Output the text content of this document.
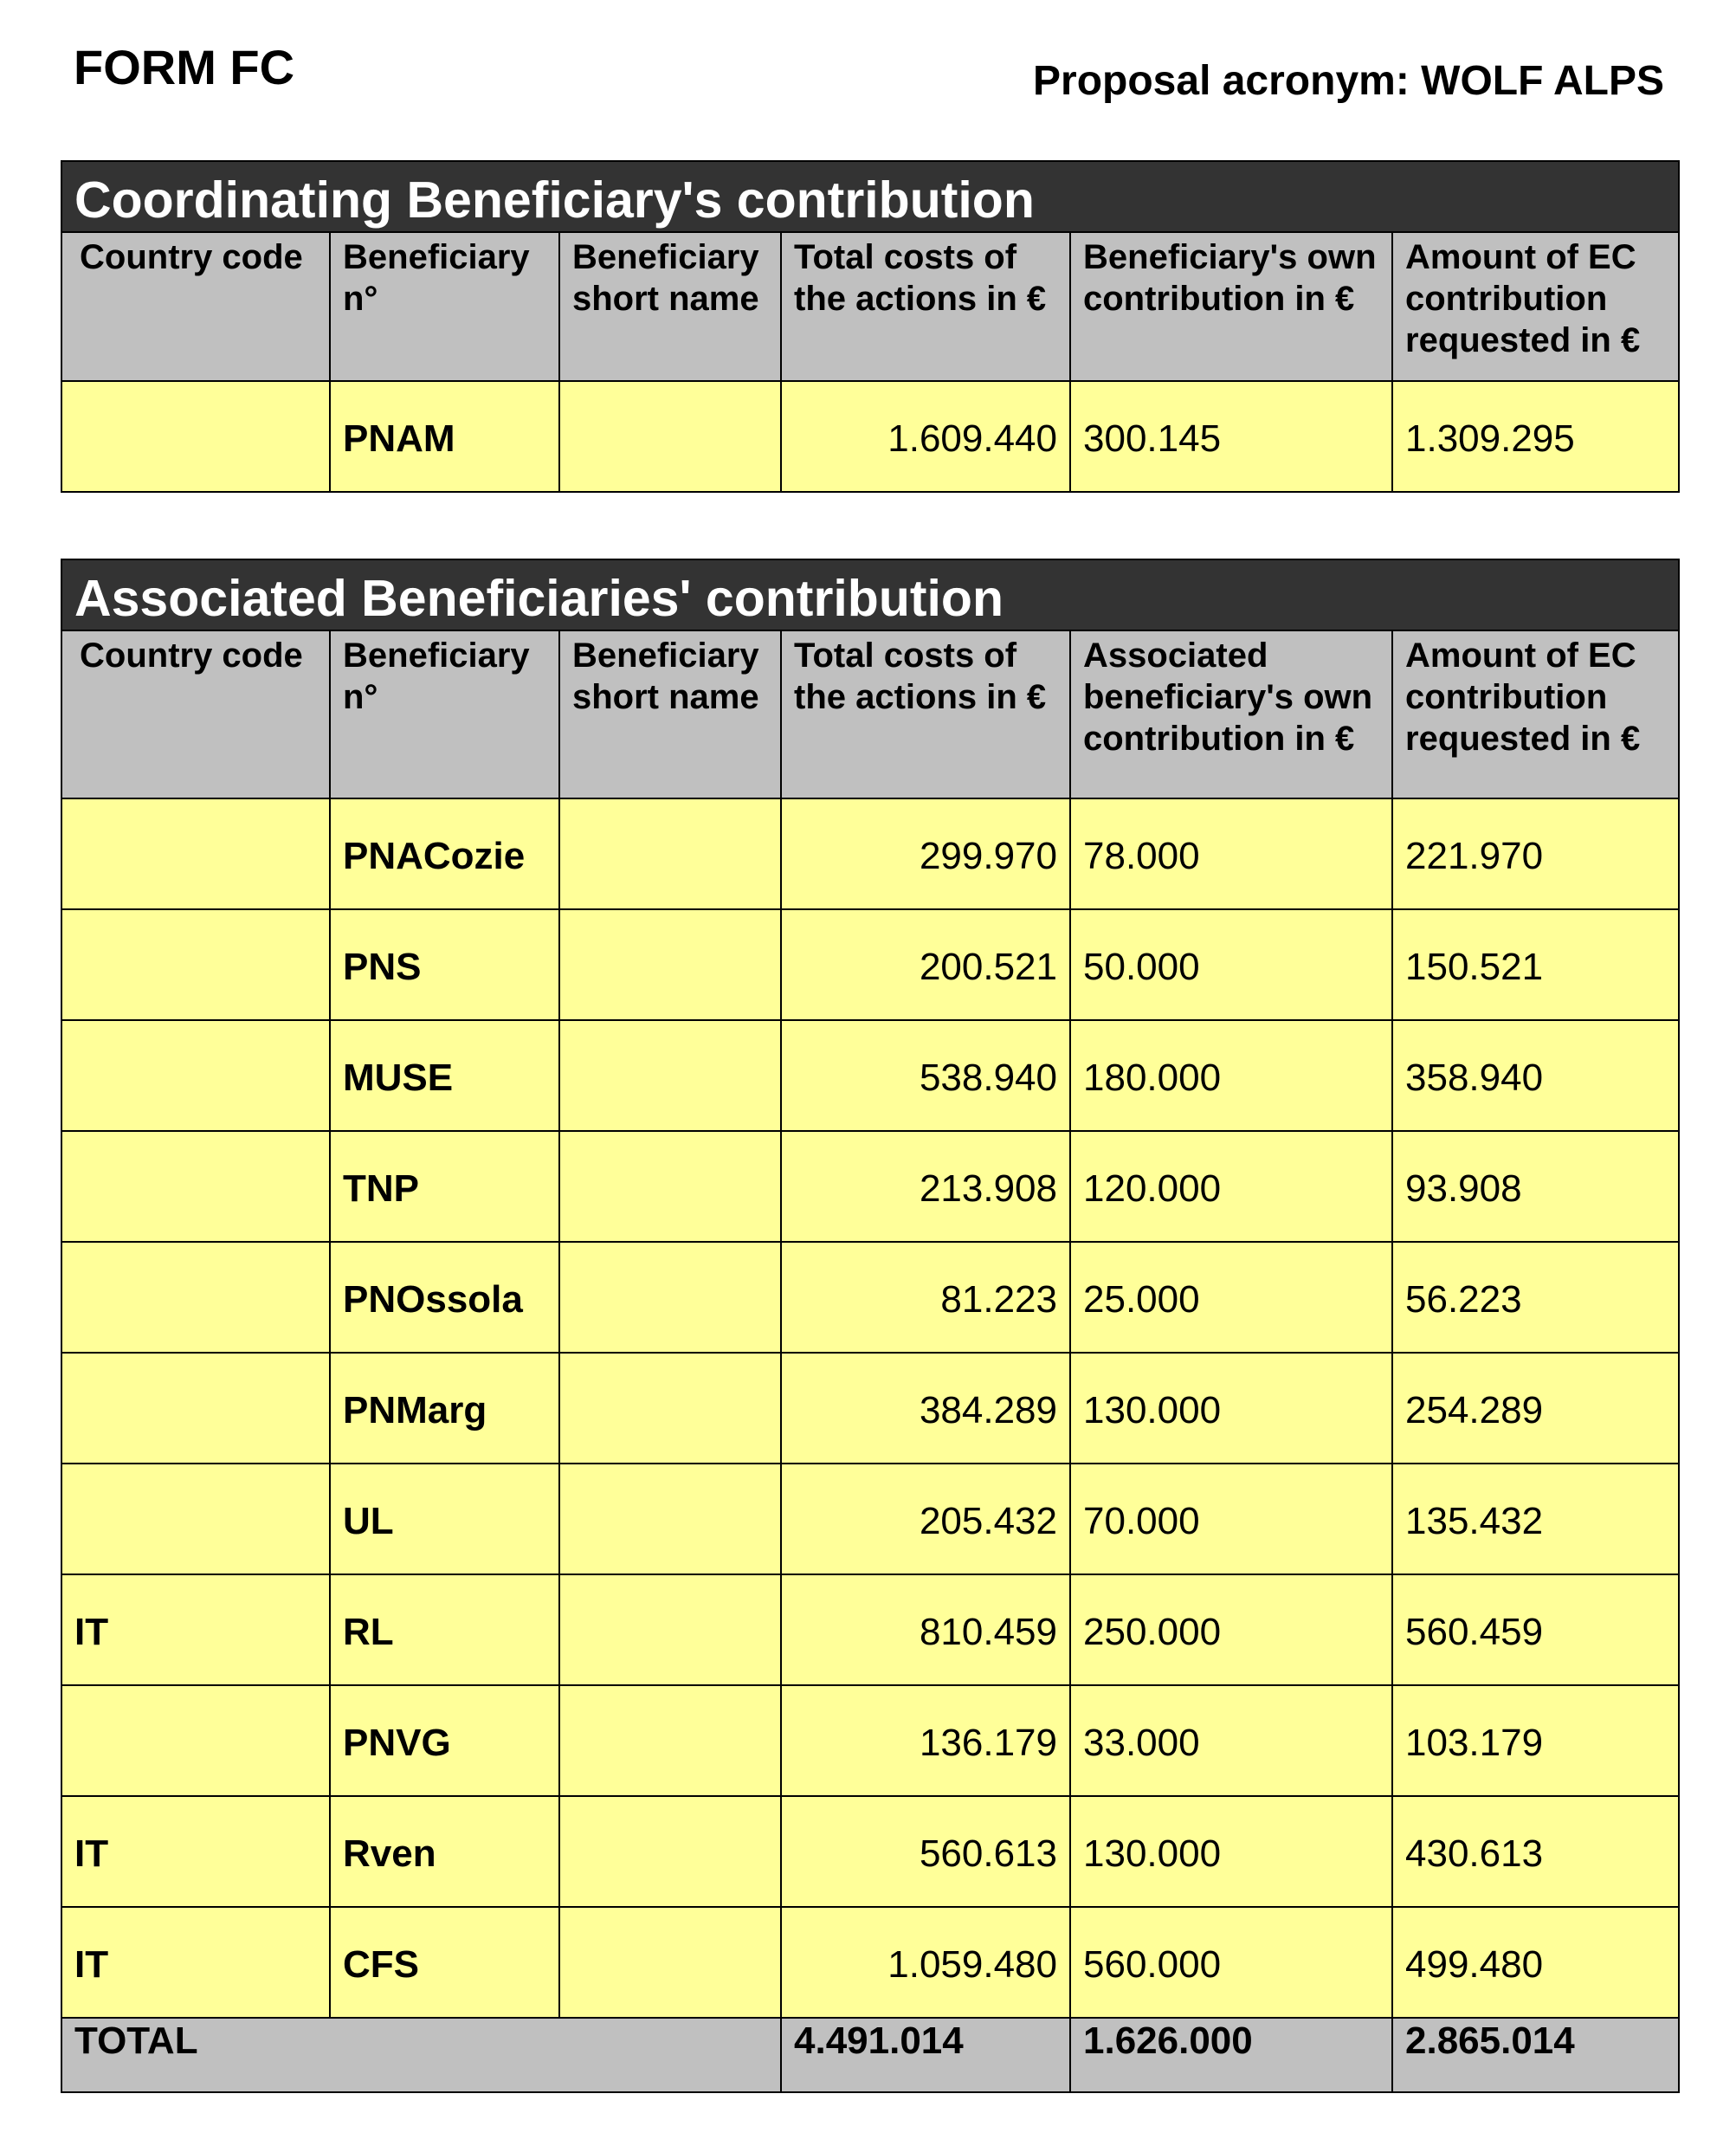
FORM FC	Proposal acronym: WOLF ALPS
Coordinating Beneficiary's contribution					
Country code	Beneficiary n°	Beneficiary short name	Total costs of the actions in €	Beneficiary's own contribution in €	Amount of EC contribution requested in €
	PNAM		1.609.440	300.145	1.309.295
Associated Beneficiaries' contribution					
Country code	Beneficiary n°	Beneficiary short name	Total costs of the actions in €	Associated beneficiary's own contribution in €	Amount of EC contribution requested in €
	PNACozie		299.970	78.000	221.970
	PNS		200.521	50.000	150.521
	MUSE		538.940	180.000	358.940
	TNP		213.908	120.000	93.908
	PNOssola		81.223	25.000	56.223
	PNMarg		384.289	130.000	254.289
	UL		205.432	70.000	135.432
IT	RL		810.459	250.000	560.459
	PNVG		136.179	33.000	103.179
IT	Rven		560.613	130.000	430.613
IT	CFS		1.059.480	560.000	499.480
TOTAL			4.491.014	1.626.000	2.865.014
